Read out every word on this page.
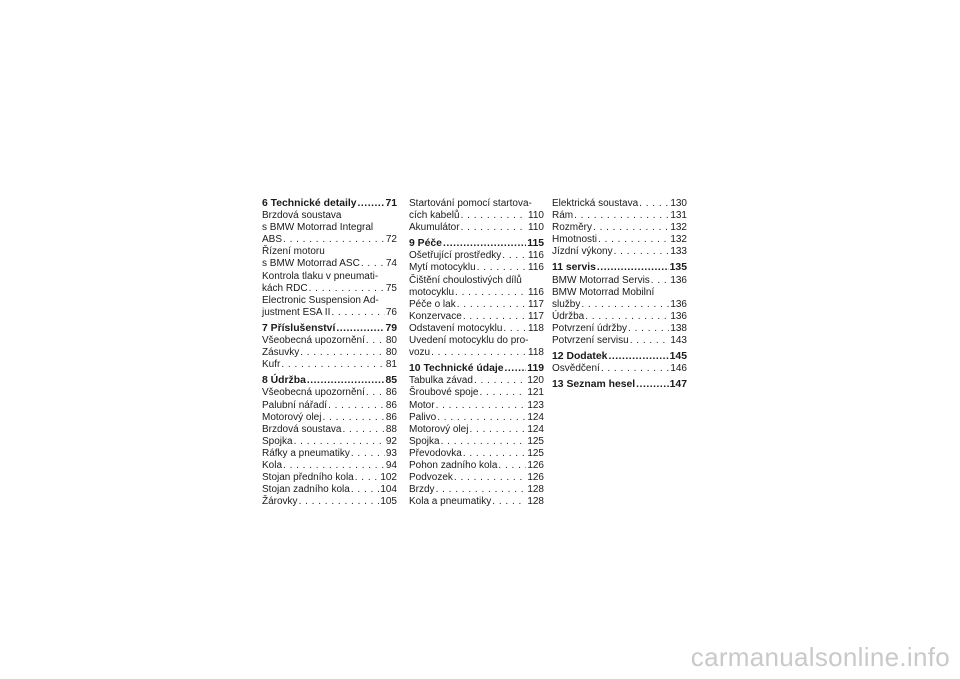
6 Technické detaily .....	71
Brzdová soustava
s BMW Motorrad Integral
ABS . . .	72
Řízení motoru
s BMW Motorrad ASC . . .	74
Kontrola tlaku v pneumati-
kách RDC . . .	75
Electronic Suspension Ad-
justment ESA II . . .	76
7 Příslušenství .....	79
Všeobecná upozornění . . . 80
Zásuvky . . .	80
Kufr . . .	81
8 Údržba .....	85
Všeobecná upozornění . . . 86
Palubní nářadí . . .	86
Motorový olej . . .	86
Brzdová soustava . . .	88
Spojka . . .	92
Ráfky a pneumatiky . . .	93
Kola . . .	94
Stojan předního kola . . .	102
Stojan zadního kola . . .	104
Žárovky . . .	105
Startování pomocí startova-
cích kabelů . . .	110
Akumulátor . . .	110
9 Péče .....	115
Ošetřující prostředky . . .	116
Mytí motocyklu . . .	116
Čištění choulostivých dílů
motocyklu . . .	116
Péče o lak . . .	117
Konzervace . . .	117
Odstavení motocyklu . . .	118
Uvedení motocyklu do pro-
vozu . . .	118
10 Technické údaje ..... 119
Tabulka závad . . .	120
Šroubové spoje . . .	121
Motor . . .	123
Palivo . . .	124
Motorový olej . . .	124
Spojka . . .	125
Převodovka . . .	125
Pohon zadního kola . . .	126
Podvozek . . .	126
Brzdy . . .	128
Kola a pneumatiky . . .	128
Elektrická soustava . . .	130
Rám . . .	131
Rozměry . . .	132
Hmotnosti . . .	132
Jízdní výkony . . .	133
11 servis .....	135
BMW Motorrad Servis . . . 136
BMW Motorrad Mobilní
služby . . .	136
Údržba . . .	136
Potvrzení údržby . . .	138
Potvrzení servisu . . .	143
12 Dodatek .....	145
Osvědčení . . .	146
13 Seznam hesel .....	147
carmanualsonline.info
